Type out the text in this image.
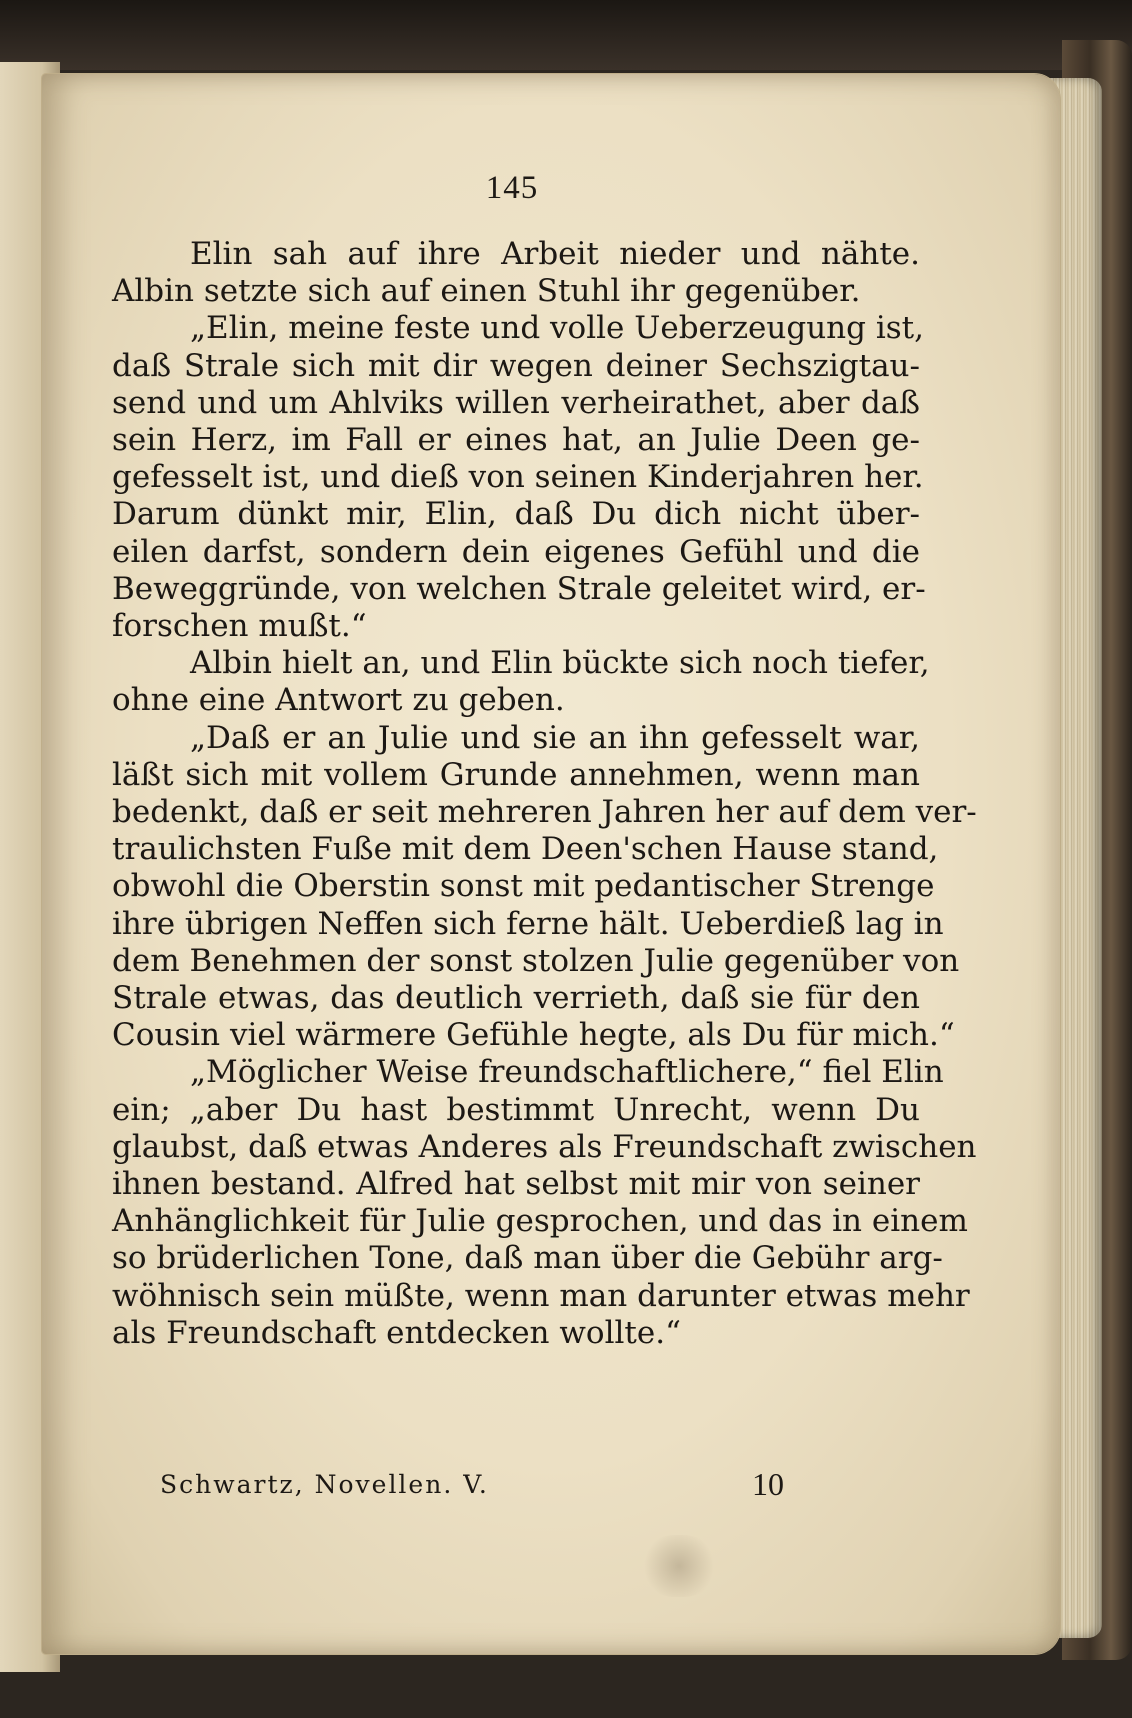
145
Elin sah auf ihre Arbeit nieder und nähte.
Albin setzte sich auf einen Stuhl ihr gegenüber.
„Elin, meine feste und volle Ueberzeugung ist,
daß Strale sich mit dir wegen deiner Sechszigtau-
send und um Ahlviks willen verheirathet, aber daß
sein Herz, im Fall er eines hat, an Julie Deen ge-
gefesselt ist, und dieß von seinen Kinderjahren her.
Darum dünkt mir, Elin, daß Du dich nicht über-
eilen darfst, sondern dein eigenes Gefühl und die
Beweggründe, von welchen Strale geleitet wird, er-
forschen mußt.“
Albin hielt an, und Elin bückte sich noch tiefer,
ohne eine Antwort zu geben.
„Daß er an Julie und sie an ihn gefesselt war,
läßt sich mit vollem Grunde annehmen, wenn man
bedenkt, daß er seit mehreren Jahren her auf dem ver-
traulichsten Fuße mit dem Deen'schen Hause stand,
obwohl die Oberstin sonst mit pedantischer Strenge
ihre übrigen Neffen sich ferne hält. Ueberdieß lag in
dem Benehmen der sonst stolzen Julie gegenüber von
Strale etwas, das deutlich verrieth, daß sie für den
Cousin viel wärmere Gefühle hegte, als Du für mich.“
„Möglicher Weise freundschaftlichere,“ fiel Elin
ein; „aber Du hast bestimmt Unrecht, wenn Du
glaubst, daß etwas Anderes als Freundschaft zwischen
ihnen bestand. Alfred hat selbst mit mir von seiner
Anhänglichkeit für Julie gesprochen, und das in einem
so brüderlichen Tone, daß man über die Gebühr arg-
wöhnisch sein müßte, wenn man darunter etwas mehr
als Freundschaft entdecken wollte.“
Schwartz, Novellen. V.	10
